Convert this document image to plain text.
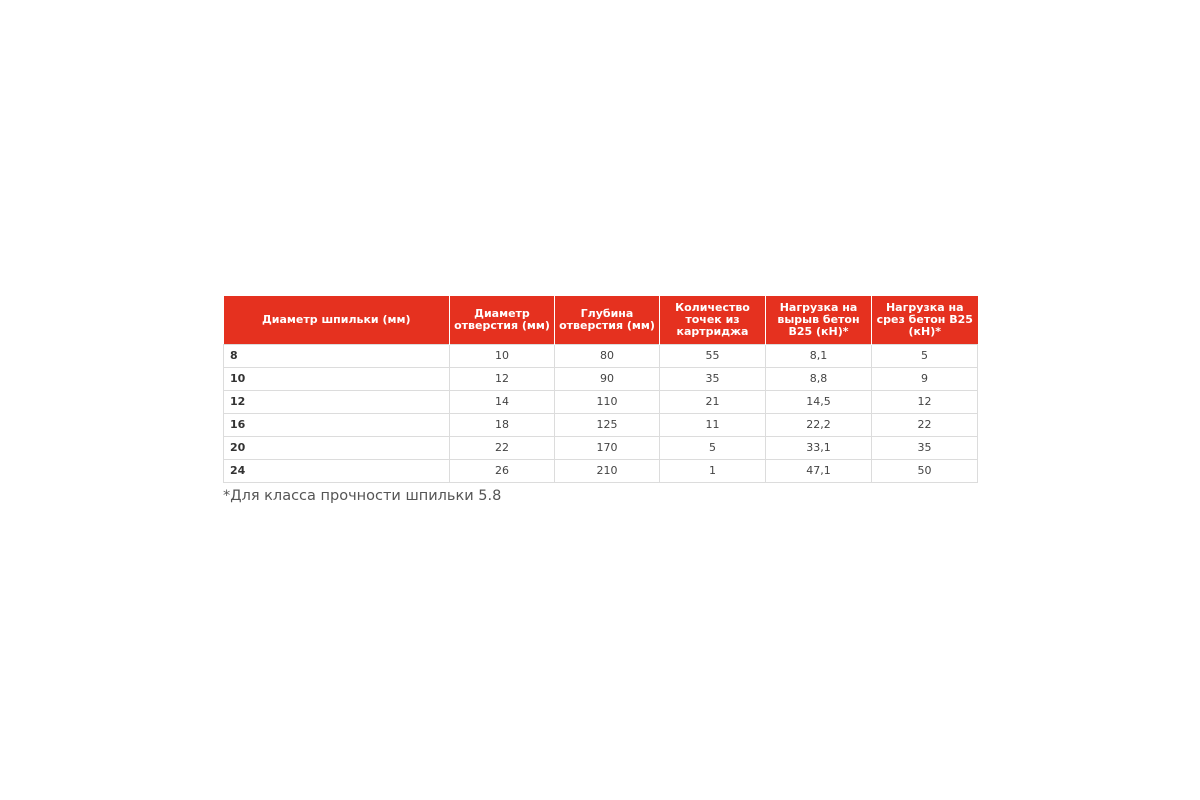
Диаметр шпильки (мм)	Диаметр отверстия (мм)	Глубина отверстия (мм)	Количество точек из картриджа	Нагрузка на вырыв бетон B25 (кН)*	Нагрузка на срез бетон B25 (кН)*
8	10	80	55	8,1	5
10	12	90	35	8,8	9
12	14	110	21	14,5	12
16	18	125	11	22,2	22
20	22	170	5	33,1	35
24	26	210	1	47,1	50
*Для класса прочности шпильки 5.8
